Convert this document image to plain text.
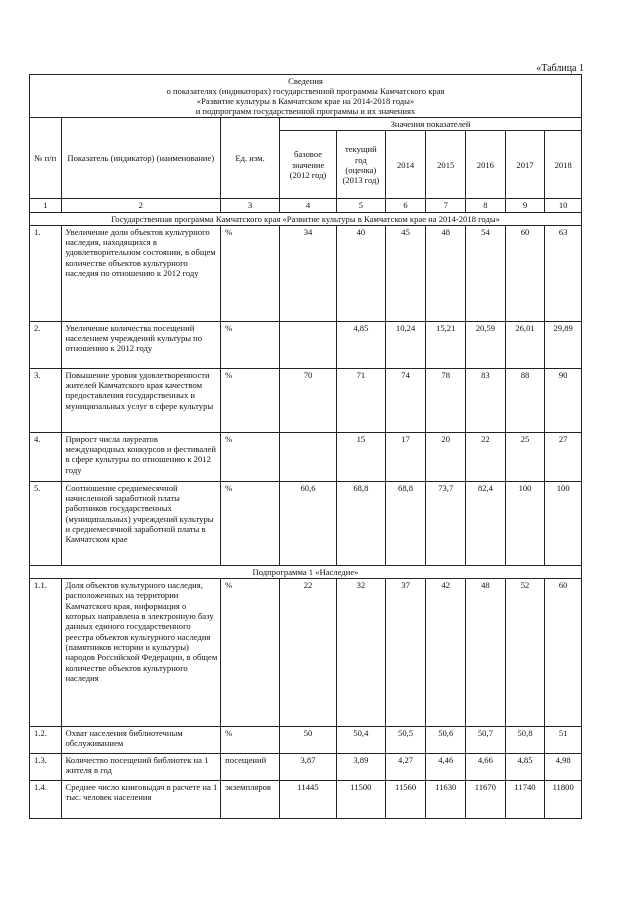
«Таблица 1
Сведения
о показателях (индикаторах) государственной программы Камчатского края
«Развитие культуры в Камчатском крае на 2014-2018 годы»
и подпрограмм государственной программы и их значениях									

№ п/п	Показатель (индикатор) (наименование)	Ед. изм.	Значения показателей						
			базовое значение (2012 год)	текущий год (оценка) (2013 год)	2014	2015	2016	2017	2018
1	2	3	4	5	6	7	8	9	10
Государственная программа Камчатского края «Развитие культуры в Камчатском крае на 2014-2018 годы»									
1.	Увеличение доли объектов культурного наследия, находящихся в удовлетворительном состоянии, в общем количестве объектов культурного наследия по отношению к 2012 году	%	34	40	45	48	54	60	63
2.	Увеличение количества посещений населением учреждений культуры по отношению к 2012 году	%		4,85	10,24	15,21	20,59	26,01	29,89
3.	Повышение уровня удовлетворенности жителей Камчатского края качеством предоставления государственных и муниципальных услуг в сфере культуры	%	70	71	74	78	83	88	90
4.	Прирост числа лауреатов международных конкурсов и фестивалей в сфере культуры по отношению к 2012 году	%		15	17	20	22	25	27
5.	Соотношение среднемесячной начисленной заработной платы работников государственных (муниципальных) учреждений культуры и среднемесячной заработной платы в Камчатском крае	%	60,6	68,8	68,8	73,7	82,4	100	100
Подпрограмма 1 «Наследие»									
1.1.	Доля объектов культурного наследия, расположенных на территории Камчатского края, информация о которых направлена в электронную базу данных единого государственного реестра объектов культурного наследия (памятников истории и культуры) народов Российской Федерации, в общем количестве объектов культурного наследия	%	22	32	37	42	48	52	60
1.2.	Охват населения библиотечным обслуживанием	%	50	50,4	50,5	50,6	50,7	50,8	51
1.3.	Количество посещений библиотек на 1 жителя в год	посещений	3,87	3,89	4,27	4,46	4,66	4,85	4,98
1.4.	Среднее число книговыдач в расчете на 1 тыс. человек населения	экземпляров	11445	11500	11560	11630	11670	11740	11800
